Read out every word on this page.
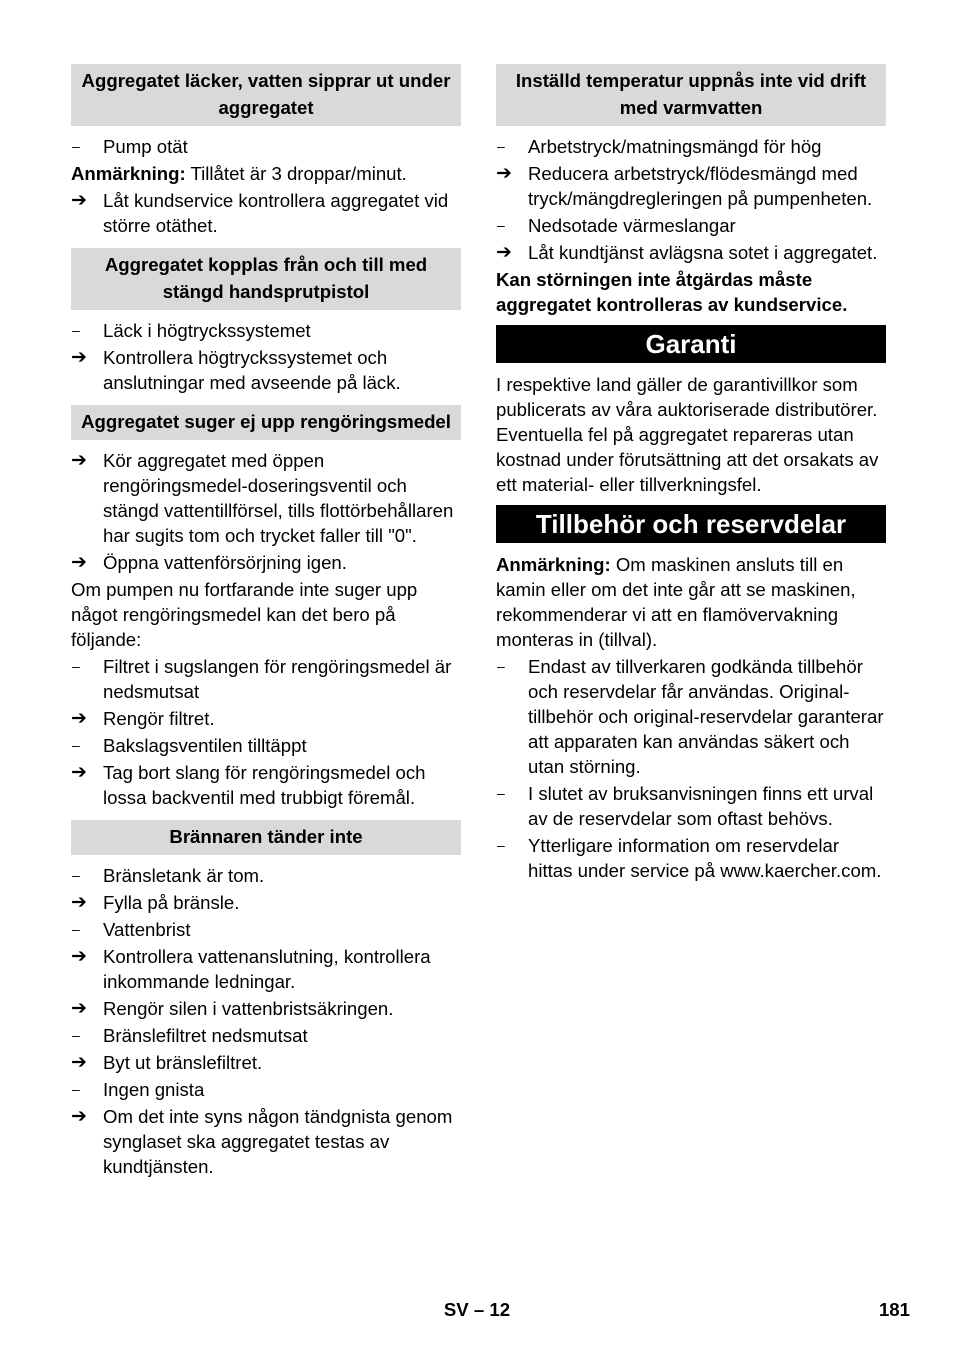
Aggregatet läcker, vatten sipprar ut under aggregatet
–	Pump otät
Anmärkning: Tillåtet är 3 droppar/minut.
➔ Låt kundservice kontrollera aggregatet vid större otäthet.
Aggregatet kopplas från och till med stängd handsprutpistol
–	Läck i högtryckssystemet
➔ Kontrollera högtryckssystemet och anslutningar med avseende på läck.
Aggregatet suger ej upp rengöringsmedel
➔ Kör aggregatet med öppen rengöringsmedel-doseringsventil och stängd vattentillförsel, tills flottörbehållaren har sugits tom och trycket faller till "0".
➔ Öppna vattenförsörjning igen.
Om pumpen nu fortfarande inte suger upp något rengöringsmedel kan det bero på följande:
–	Filtret i sugslangen för rengöringsmedel är nedsmutsat
➔ Rengör filtret.
–	Bakslagsventilen tilltäppt
➔ Tag bort slang för rengöringsmedel och lossa backventil med trubbigt föremål.
Brännaren tänder inte
–	Bränsletank är tom.
➔ Fylla på bränsle.
–	Vattenbrist
➔ Kontrollera vattenanslutning, kontrollera inkommande ledningar.
➔ Rengör silen i vattenbristsäkringen.
–	Bränslefiltret nedsmutsat
➔ Byt ut bränslefiltret.
–	Ingen gnista
➔ Om det inte syns någon tändgnista genom synglaset ska aggregatet testas av kundtjänsten.
Inställd temperatur uppnås inte vid drift med varmvatten
–	Arbetstryck/matningsmängd för hög
➔ Reducera arbetstryck/flödesmängd med tryck/mängdregleringen på pumpenheten.
–	Nedsotade värmeslangar
➔ Låt kundtjänst avlägsna sotet i aggregatet.
Kan störningen inte åtgärdas måste aggregatet kontrolleras av kundservice.
Garanti
I respektive land gäller de garantivillkor som publicerats av våra auktoriserade distributörer. Eventuella fel på aggregatet repareras utan kostnad under förutsättning att det orsakats av ett material- eller tillverkningsfel.
Tillbehör och reservdelar
Anmärkning: Om maskinen ansluts till en kamin eller om det inte går att se maskinen, rekommenderar vi att en flamövervakning monteras in (tillval).
–	Endast av tillverkaren godkända tillbehör och reservdelar får användas. Original-tillbehör och original-reservdelar garanterar att apparaten kan användas säkert och utan störning.
–	I slutet av bruksanvisningen finns ett urval av de reservdelar som oftast behövs.
–	Ytterligare information om reservdelar hittas under service på www.kaercher.com.
SV – 12	181
